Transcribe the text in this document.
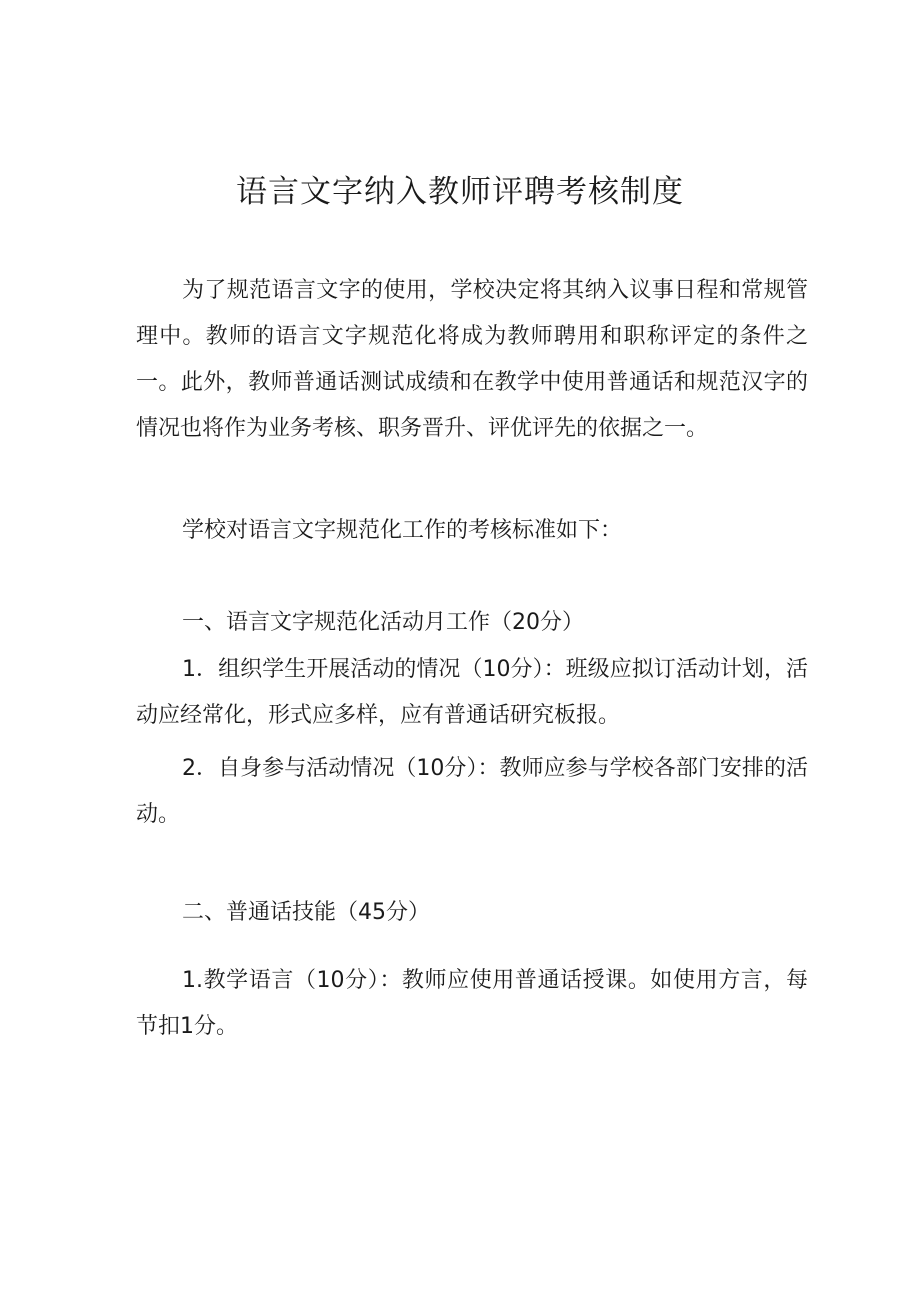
语言文字纳入教师评聘考核制度

为了规范语言文字的使用，学校决定将其纳入议事日程和常规管理中。教师的语言文字规范化将成为教师聘用和职称评定的条件之一。此外，教师普通话测试成绩和在教学中使用普通话和规范汉字的情况也将作为业务考核、职务晋升、评优评先的依据之一。

学校对语言文字规范化工作的考核标准如下：

一、语言文字规范化活动月工作（20分）

1．组织学生开展活动的情况（10分）：班级应拟订活动计划，活动应经常化，形式应多样，应有普通话研究板报。

2．自身参与活动情况（10分）：教师应参与学校各部门安排的活动。

二、普通话技能（45分）

1.教学语言（10分）：教师应使用普通话授课。如使用方言，每节扣1分。
